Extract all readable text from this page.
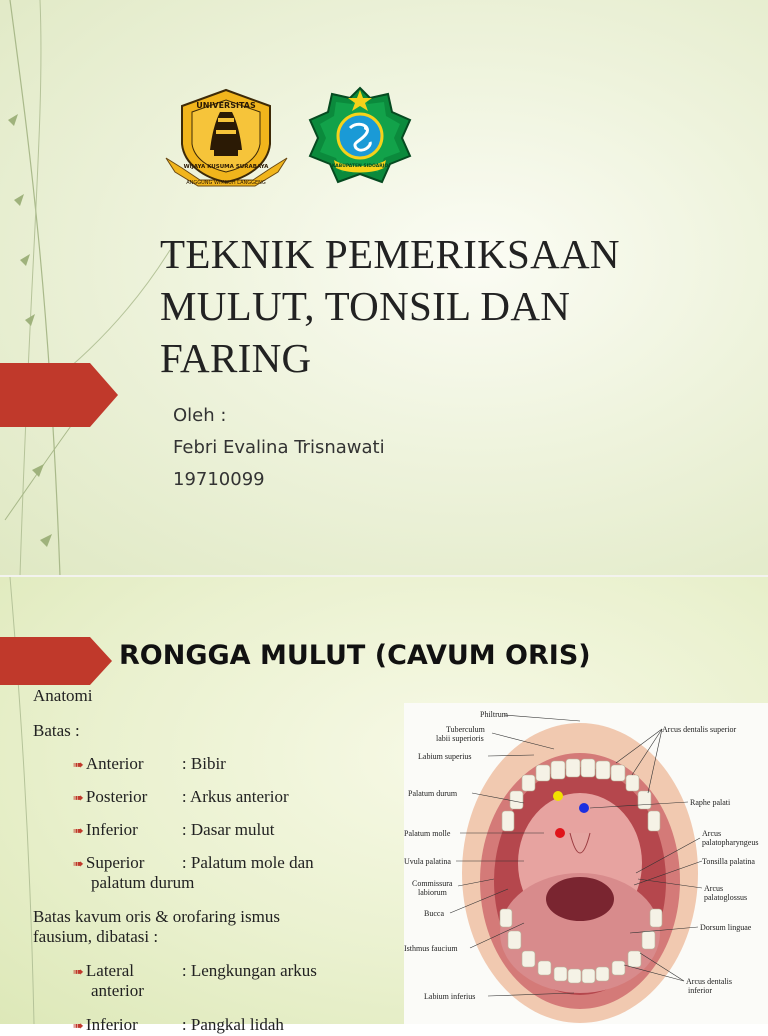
UNIVERSITAS
WIJAYA KUSUMA SURABAYA
ANGGUNG WIMBUH LANGGENG
KABUPATEN SIDOARJO
TEKNIK PEMERIKSAAN
MULUT, TONSIL DAN
FARING
Oleh :
Febri Evalina Trisnawati
19710099
RONGGA MULUT (CAVUM ORIS)
Anatomi
Batas :
➠ Anterior : Bibir
➠ Posterior : Arkus anterior
➠ Inferior	: Dasar mulut
➠ Superior : Palatum mole dan
palatum durum
Batas kavum oris & orofaring ismus
fausium, dibatasi :
➠ Lateral	: Lengkungan arkus
anterior
➠ Inferior	: Pangkal lidah
Philtrum
Tuberculum
labii superioris
Labium superius
Palatum durum
Palatum molle
Uvula palatina
Commissura
labiorum
Bucca
Isthmus faucium
Labium inferius
Arcus dentalis superior
Raphe palati
Arcus
palatopharyngeus
Tonsilla palatina
Arcus
palatoglossus
Dorsum linguae
Arcus dentalis
inferior
